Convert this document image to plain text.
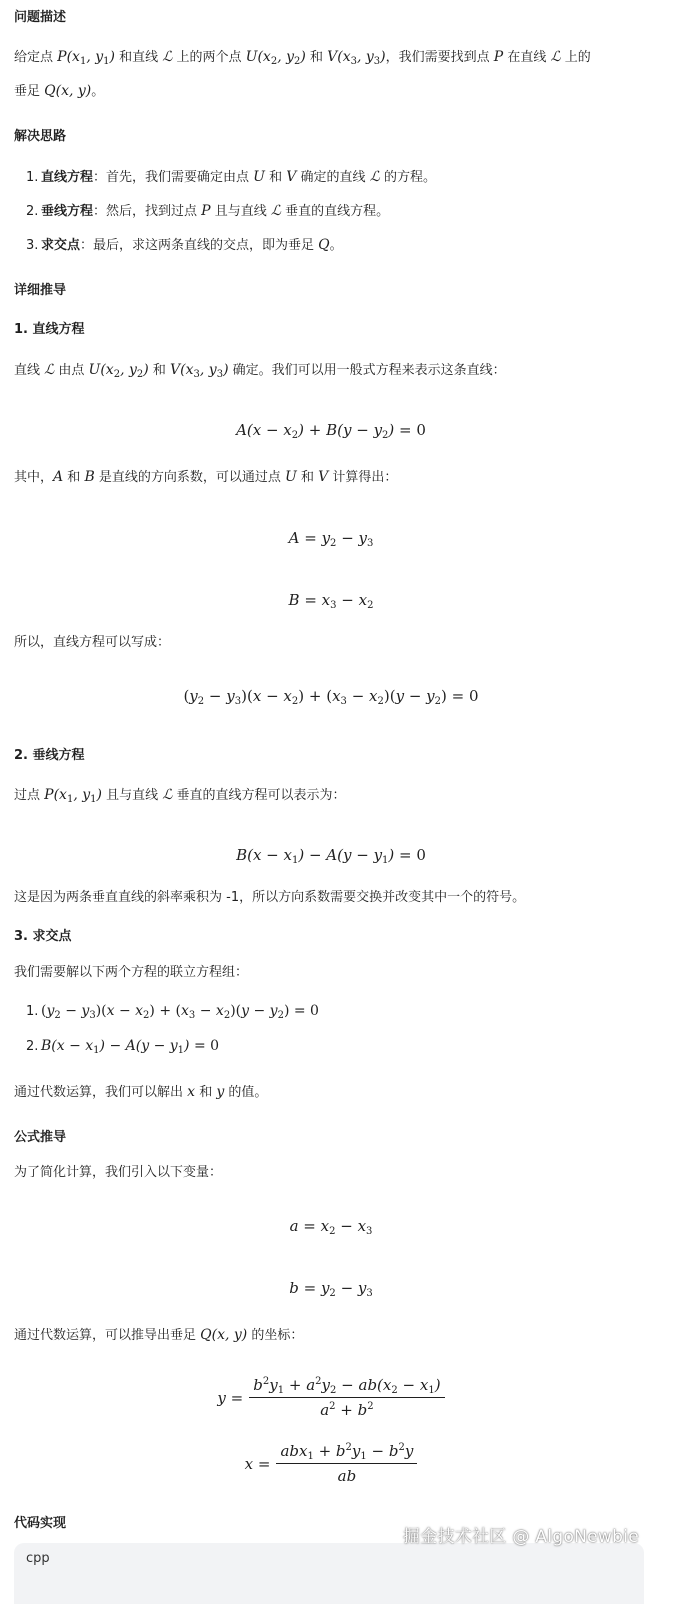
问题描述
给定点 $P(x_1$, $y_1$) 和直线 ℒ 上的两个点 $U(x_2$, $y_2$) 和 $V(x_3$, $y_3$)，我们需要找到点 P 在直线 ℒ 上的
垂足 Q(x, y)。
解决思路
1. 直线方程：首先，我们需要确定由点 U 和 V 确定的直线 ℒ 的方程。
2. 垂线方程：然后，找到过点 P 且与直线 ℒ 垂直的直线方程。
3. 求交点：最后，求这两条直线的交点，即为垂足 Q。
详细推导
1. 直线方程
直线 ℒ 由点 $U(x_2$, $y_2$) 和 $V(x_3$, $y_3$) 确定。我们可以用一般式方程来表示这条直线：
$A(x - x_2) + B(y - y_2) = 0$
其中，A 和 B 是直线的方向系数，可以通过点 U 和 V 计算得出：
$A = y_2 - y_3$
$B = x_3 - x_2$
所以，直线方程可以写成：
$(y_2 - y_3)(x - x_2) + (x_3 - x_2)(y - y_2) = 0$
2. 垂线方程
过点 $P(x_1$, $y_1$) 且与直线 ℒ 垂直的直线方程可以表示为：
$B(x - x_1) - A(y - y_1) = 0$
这是因为两条垂直直线的斜率乘积为 -1，所以方向系数需要交换并改变其中一个的符号。
3. 求交点
我们需要解以下两个方程的联立方程组：
1. $(y_2 - y_3)(x - x_2) + (x_3 - x_2)(y - y_2) = 0$
2. $B(x - x_1) - A(y - y_1) = 0$
通过代数运算，我们可以解出 x 和 y 的值。
公式推导
为了简化计算，我们引入以下变量：
$a = x_2 - x_3$
$b = y_2 - y_3$
通过代数运算，可以推导出垂足 Q(x, y) 的坐标：
$y = \frac{b^2y_1 + a^2y_2 - ab(x_2 - x_1)}{a^2 + b^2}$
$x = \frac{abx_1 + b^2y_1 - b^2y}{ab}$
代码实现
cpp
掘金技术社区 @ AlgoNewbie
